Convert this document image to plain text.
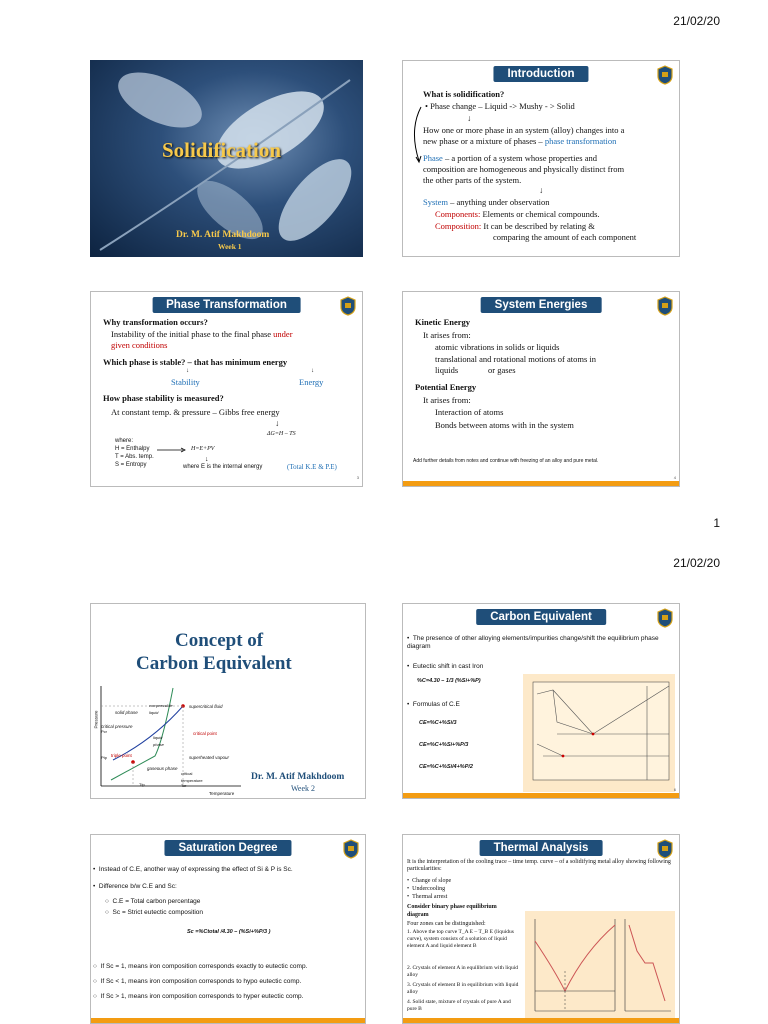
21/02/20
Solidification
Dr. M. Atif Makhdoom
Week 1
Introduction
What is solidification?
• Phase change – Liquid -> Mushy - > Solid
↓
How one or more phase in an system (alloy) changes into a
new phase or a mixture of phases – phase transformation
Phase – a portion of a system whose properties and
composition are homogeneous and physically distinct from
the other parts of the system.
↓
System – anything under observation
Components: Elements or chemical compounds.
Composition: It can be described by relating &
comparing the amount of each component
Phase Transformation
Why transformation occurs?
Instability of the initial phase to the final phase under
given conditions
Which phase is stable? – that has minimum energy
↓	↓
Stability	Energy
How phase stability is measured?
At constant temp. & pressure – Gibbs free energy
↓
ΔG=H – TS
where:
H = Enthalpy	H=E+PV
T = Abs. temp.	↓
S = Entropy	where E is the internal energy	(Total K.E & P.E)
3
System Energies
Kinetic Energy
It arises from:
atomic vibrations in solids or liquids
translational and rotational motions of atoms in
liquids	or gases
Potential Energy
It arises from:
Interaction of atoms
Bonds between atoms with in the system
Add further details from notes and continue with freezing of an alloy and pure metal.
4
1
21/02/20
Concept of
Carbon Equivalent
Pressure
Temperature
solid phase
compressible liquid
supercritical fluid
critical pressure
critical point
Pcr
liquid phase
triple point
Ptp	superheated vapour
gaseous phase
Ttp
critical temperature
Tcr
Dr. M. Atif Makhdoom
Week 2
Carbon Equivalent
•  The presence of other alloying elements/impurities change/shift the equilibrium phase diagram
•  Eutectic shift in cast Iron
%C=4.30 – 1/3 (%Si+%P)
•  Formulas of C.E
CE=%C+%Si/3
CE=%C+%Si+%P/3
CE=%C+%Si/4+%P/2
6
Saturation Degree
•  Instead of C.E, another way of expressing the effect of Si & P is Sc.
•  Difference b/w C.E and Sc:
○  C.E = Total carbon percentage
○  Sc = Strict eutectic composition
Sc =%Ctotal /4.30 – (%Si+%P/3 )
○  If Sc = 1, means iron composition corresponds exactly to eutectic comp.
○  If Sc < 1, means iron composition corresponds to hypo eutectic comp.
○  If Sc > 1, means iron composition corresponds to hyper eutectic comp.
Thermal Analysis
It is the interpretation of the cooling trace – time temp. curve – of a solidifying metal alloy showing following particularities:
•  Change of slope
•  Undercooling
•  Thermal arrest
Consider binary phase equilibrium diagram
Four zones can be distinguished:
1. Above the top curve T_A E – T_B E (liquidus curve), system consists of a solution of liquid element A and liquid element B
2. Crystals of element A in equilibrium with liquid alloy
3. Crystals of element B in equilibrium with liquid alloy
4. Solid state, mixture of crystals of pure A and pure B
